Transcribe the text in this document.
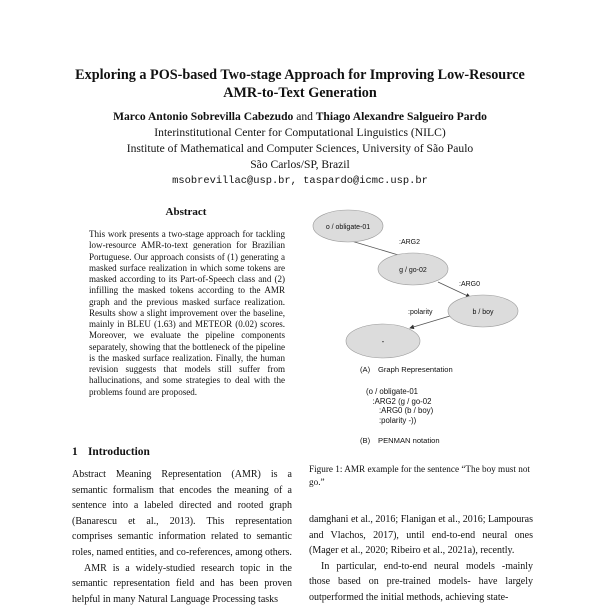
Exploring a POS-based Two-stage Approach for Improving Low-Resource
AMR-to-Text Generation
Marco Antonio Sobrevilla Cabezudo and Thiago Alexandre Salgueiro Pardo
Interinstitutional Center for Computational Linguistics (NILC)
Institute of Mathematical and Computer Sciences, University of São Paulo
São Carlos/SP, Brazil
msobrevillac@usp.br, taspardo@icmc.usp.br
Abstract
This work presents a two-stage approach for tackling low-resource AMR-to-text generation for Brazilian Portuguese. Our approach consists of (1) generating a masked surface realization in which some tokens are masked according to its Part-of-Speech class and (2) infilling the masked tokens according to the AMR graph and the previous masked surface realization. Results show a slight improvement over the baseline, mainly in BLEU (1.63) and METEOR (0.02) scores. Moreover, we evaluate the pipeline components separately, showing that the bottleneck of the pipeline is the masked surface realization. Finally, the human revision suggests that models still suffer from hallucinations, and some strategies to deal with the problems found are proposed.
1 Introduction

Abstract Meaning Representation (AMR) is a semantic formalism that encodes the meaning of a sentence into a labeled directed and rooted graph (Banarescu et al., 2013). This representation comprises semantic information related to semantic roles, named entities, and co-references, among others.

AMR is a widely-studied research topic in the semantic representation field and has been proven helpful in many Natural Language Processing tasks

o / obligate-01
g / go-02
b / boy
-
:ARG2
:ARG0
:polarity
(A) Graph Representation
(o / obligate-01
:ARG2 (g / go-02
:ARG0 (b / boy)
:polarity -))
(B) PENMAN notation
Figure 1: AMR example for the sentence “The boy must not go.”

damghani et al., 2016; Flanigan et al., 2016; Lampouras and Vlachos, 2017), until end-to-end neural ones (Mager et al., 2020; Ribeiro et al., 2021a), recently.

In particular, end-to-end neural models -mainly those based on pre-trained models- have largely outperformed the initial methods, achieving state-
